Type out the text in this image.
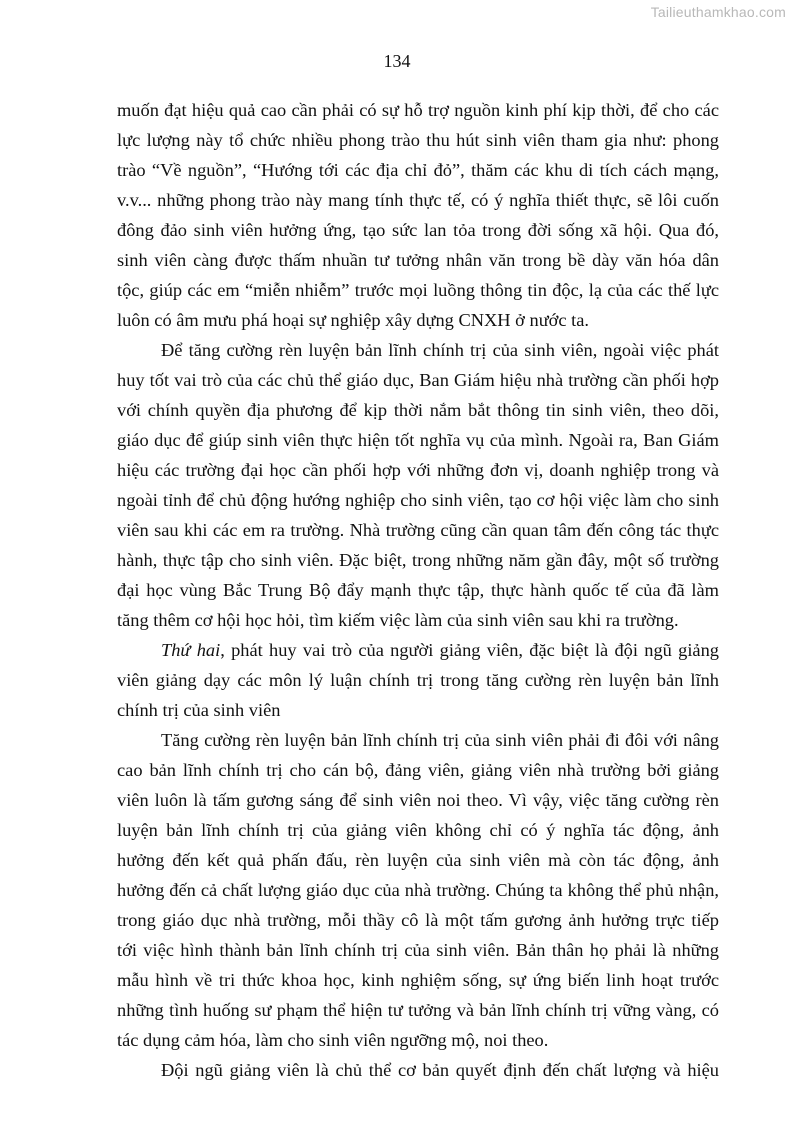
Tailieuthamkhao.com
134

muốn đạt hiệu quả cao cần phải có sự hỗ trợ nguồn kinh phí kịp thời, để cho các
lực lượng này tổ chức nhiều phong trào thu hút sinh viên tham gia như: phong
trào “Về nguồn”, “Hướng tới các địa chỉ đỏ”, thăm các khu di tích cách mạng,
v.v... những phong trào này mang tính thực tế, có ý nghĩa thiết thực, sẽ lôi cuốn
đông đảo sinh viên hưởng ứng, tạo sức lan tỏa trong đời sống xã hội. Qua đó,
sinh viên càng được thấm nhuần tư tưởng nhân văn trong bề dày văn hóa dân
tộc, giúp các em “miễn nhiễm” trước mọi luồng thông tin độc, lạ của các thế lực
luôn có âm mưu phá hoại sự nghiệp xây dựng CNXH ở nước ta.

Để tăng cường rèn luyện bản lĩnh chính trị của sinh viên, ngoài việc phát
huy tốt vai trò của các chủ thể giáo dục, Ban Giám hiệu nhà trường cần phối hợp
với chính quyền địa phương để kịp thời nắm bắt thông tin sinh viên, theo dõi,
giáo dục để giúp sinh viên thực hiện tốt nghĩa vụ của mình. Ngoài ra, Ban Giám
hiệu các trường đại học cần phối hợp với những đơn vị, doanh nghiệp trong và
ngoài tỉnh để chủ động hướng nghiệp cho sinh viên, tạo cơ hội việc làm cho sinh
viên sau khi các em ra trường. Nhà trường cũng cần quan tâm đến công tác thực
hành, thực tập cho sinh viên. Đặc biệt, trong những năm gần đây, một số trường
đại học vùng Bắc Trung Bộ đẩy mạnh thực tập, thực hành quốc tế của đã làm
tăng thêm cơ hội học hỏi, tìm kiếm việc làm của sinh viên sau khi ra trường.

Thứ hai, phát huy vai trò của người giảng viên, đặc biệt là đội ngũ giảng
viên giảng dạy các môn lý luận chính trị trong tăng cường rèn luyện bản lĩnh
chính trị của sinh viên

Tăng cường rèn luyện bản lĩnh chính trị của sinh viên phải đi đôi với nâng
cao bản lĩnh chính trị cho cán bộ, đảng viên, giảng viên nhà trường bởi giảng
viên luôn là tấm gương sáng để sinh viên noi theo. Vì vậy, việc tăng cường rèn
luyện bản lĩnh chính trị của giảng viên không chỉ có ý nghĩa tác động, ảnh
hưởng đến kết quả phấn đấu, rèn luyện của sinh viên mà còn tác động, ảnh
hưởng đến cả chất lượng giáo dục của nhà trường. Chúng ta không thể phủ nhận,
trong giáo dục nhà trường, mỗi thầy cô là một tấm gương ảnh hưởng trực tiếp
tới việc hình thành bản lĩnh chính trị của sinh viên. Bản thân họ phải là những
mẫu hình về tri thức khoa học, kinh nghiệm sống, sự ứng biến linh hoạt trước
những tình huống sư phạm thể hiện tư tưởng và bản lĩnh chính trị vững vàng, có
tác dụng cảm hóa, làm cho sinh viên ngưỡng mộ, noi theo.

Đội ngũ giảng viên là chủ thể cơ bản quyết định đến chất lượng và hiệu
